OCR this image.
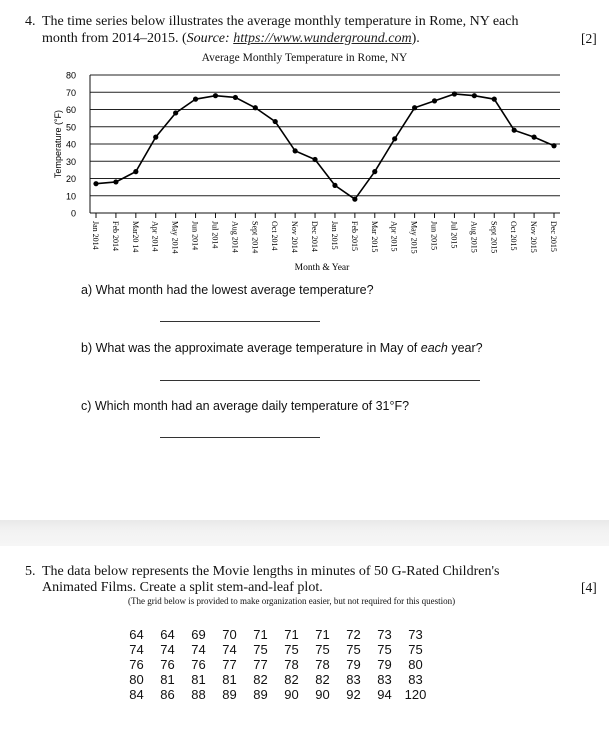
4. The time series below illustrates the average monthly temperature in Rome, NY each
month from 2014–2015. (Source: https://www.wunderground.com).	[2]
Average Monthly Temperature in Rome, NY
0
10
20
30
40
50
60
70
80
Temperature (°F)
Jan 2014 Feb 2014 Mar20 14 Apr 2014 May 2014 Jun 2014 Jul 2014 Aug 2014 Sept 2014 Oct 2014 Nov 2014 Dec 2014 Jan 2015 Feb 2015 Mar 2015 Apr 2015 May 2015 Jun 2015 Jul 2015 Aug 2015 Sept 2015 Oct 2015 Nov 2015 Dec 2015
Month & Year
a) What month had the lowest average temperature?
b) What was the approximate average temperature in May of each year?
c) Which month had an average daily temperature of 31°F?
5. The data below represents the Movie lengths in minutes of 50 G-Rated Children's
Animated Films. Create a split stem-and-leaf plot.	[4]
(The grid below is provided to make organization easier, but not required for this question)
64	64	69	70	71	71	71	72	73	73
74	74	74	74	75	75	75	75	75	75
76	76	76	77	77	78	78	79	79	80
80	81	81	81	82	82	82	83	83	83
84	86	88	89	89	90	90	92	94	120
